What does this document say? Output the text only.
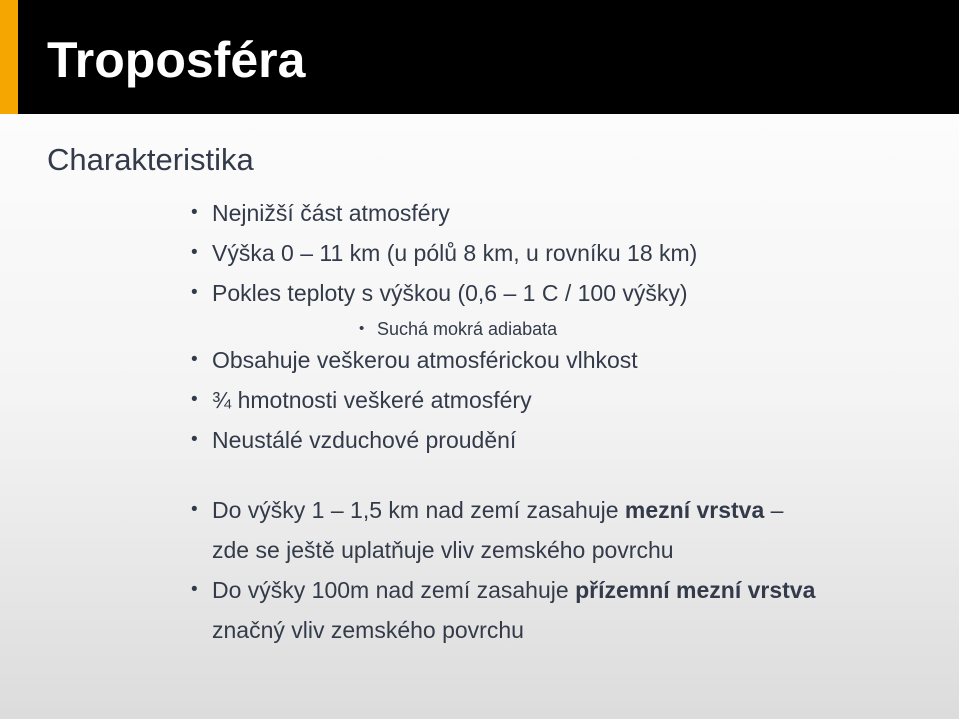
Troposféra
Charakteristika
• Nejnižší část atmosféry
• Výška 0 – 11 km (u pólů 8 km, u rovníku 18 km)
• Pokles teploty s výškou (0,6 – 1 C / 100 výšky)
• Suchá mokrá adiabata
• Obsahuje veškerou atmosférickou vlhkost
• ¾ hmotnosti veškeré atmosféry
• Neustálé vzduchové proudění
• Do výšky 1 – 1,5 km nad zemí zasahuje mezní vrstva –
zde se ještě uplatňuje vliv zemského povrchu
• Do výšky 100m nad zemí zasahuje přízemní mezní vrstva
značný vliv zemského povrchu
